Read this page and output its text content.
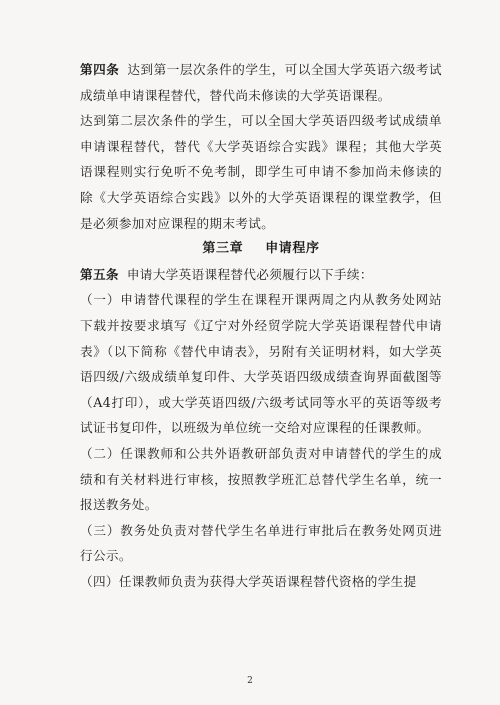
第四条 达到第一层次条件的学生，可以全国大学英语六级考试成绩单申请课程替代，替代尚未修读的大学英语课程。

达到第二层次条件的学生，可以全国大学英语四级考试成绩单申请课程替代，替代《大学英语综合实践》课程；其他大学英语课程则实行免听不免考制，即学生可申请不参加尚未修读的除《大学英语综合实践》以外的大学英语课程的课堂教学，但是必须参加对应课程的期末考试。

第三章 申请程序

第五条 申请大学英语课程替代必须履行以下手续：

（一）申请替代课程的学生在课程开课两周之内从教务处网站下载并按要求填写《辽宁对外经贸学院大学英语课程替代申请表》（以下简称《替代申请表》，另附有关证明材料，如大学英语四级/六级成绩单复印件、大学英语四级成绩查询界面截图等（A4打印），或大学英语四级/六级考试同等水平的英语等级考试证书复印件，以班级为单位统一交给对应课程的任课教师。

（二）任课教师和公共外语教研部负责对申请替代的学生的成绩和有关材料进行审核，按照教学班汇总替代学生名单，统一报送教务处。

（三）教务处负责对替代学生名单进行审批后在教务处网页进行公示。

（四）任课教师负责为获得大学英语课程替代资格的学生提

2
